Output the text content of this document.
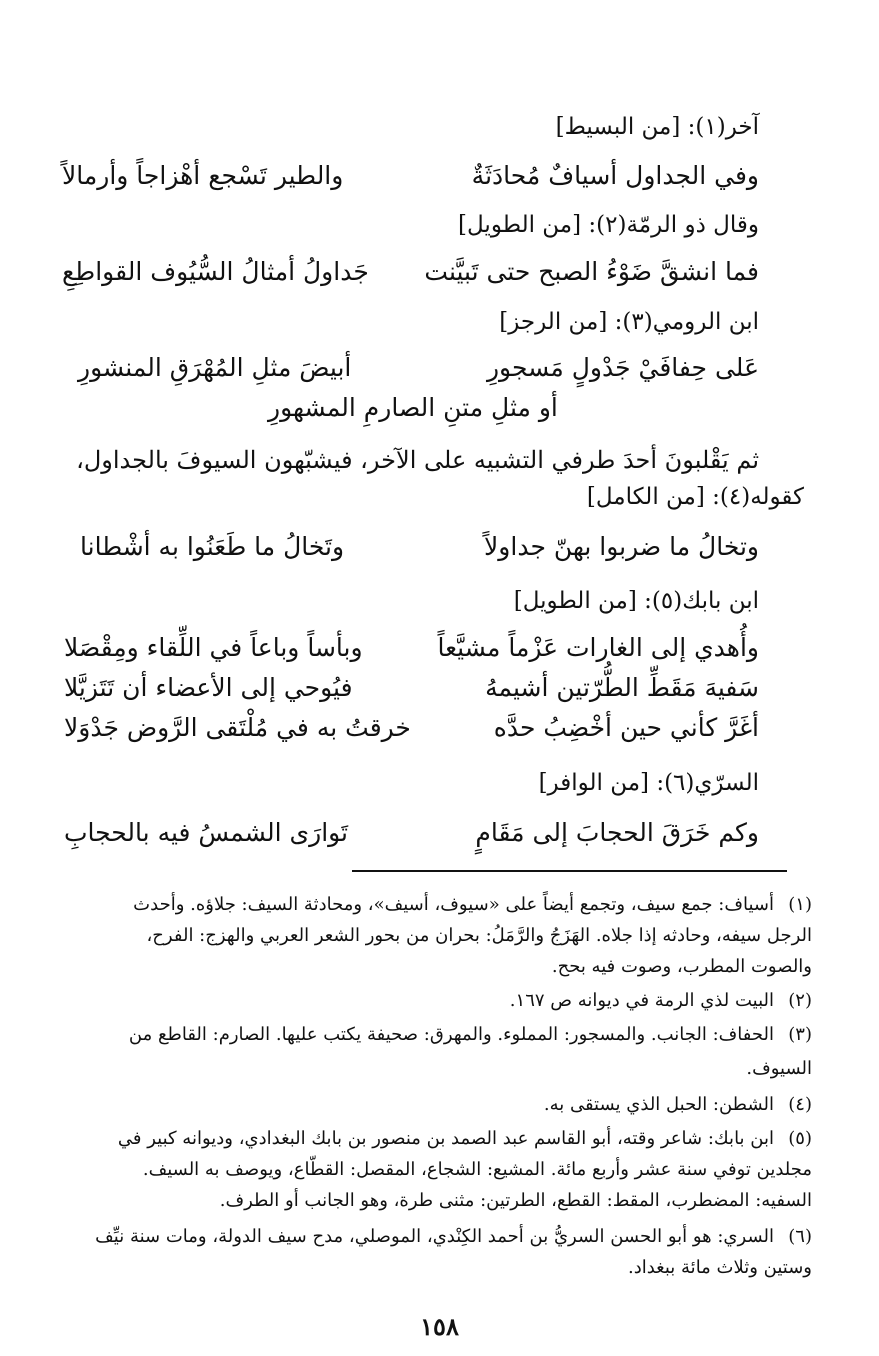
آخر(١): [من البسيط]
وفي الجداول أسيافٌ مُحادَثَةٌ
والطير تَسْجع أهْزاجاً وأرمالاً
وقال ذو الرمّة(٢): [من الطويل]
فما انشقَّ ضَوْءُ الصبح حتى تَبيَّنت
جَداولُ أمثالُ السُّيُوف القواطِعِ
ابن الرومي(٣): [من الرجز]
عَلى حِفافَيْ جَدْولٍ مَسجورِ
أبيضَ مثلِ المُهْرَقِ المنشورِ
أو مثلِ متنِ الصارمِ المشهورِ
ثم يَقْلبونَ أحدَ طرفي التشبيه على الآخر، فيشبّهون السيوفَ بالجداول،
كقوله(٤): [من الكامل]
وتخالُ ما ضربوا بهنّ جداولاً
وتَخالُ ما طَعَنُوا به أشْطانا
ابن بابك(٥): [من الطويل]
وأُهدي إلى الغارات عَزْماً مشيَّعاً
وبأساً وباعاً في اللِّقاء ومِقْصَلا
سَفيهَ مَقَطِّ الطُّرّتين أشيمهُ
فيُوحي إلى الأعضاء أن تَتَزيَّلا
أغَرَّ كأني حين أخْضِبُ حدَّه
خرقتُ به في مُلْتَقى الرَّوض جَدْوَلا
السرّي(٦): [من الوافر]
وكم خَرَقَ الحجابَ إلى مَقَامٍ
تَوارَى الشمسُ فيه بالحجابِ
(١)أسياف: جمع سيف، وتجمع أيضاً على «سيوف، أسيف»، ومحادثة السيف: جلاؤه. وأحدث
الرجل سيفه، وحادثه إذا جلاه. الهَزَجُ والرَّمَلُ: بحران من بحور الشعر العربي والهزج: الفرح،
والصوت المطرب، وصوت فيه بحح.
(٢)البيت لذي الرمة في ديوانه ص ١٦٧.
(٣)الحفاف: الجانب. والمسجور: المملوء. والمهرق: صحيفة يكتب عليها. الصارم: القاطع من
السيوف.
(٤)الشطن: الحبل الذي يستقى به.
(٥)ابن بابك: شاعر وقته، أبو القاسم عبد الصمد بن منصور بن بابك البغدادي، وديوانه كبير في
مجلدين توفي سنة عشر وأربع مائة. المشيع: الشجاع، المقصل: القطّاع، ويوصف به السيف.
السفيه: المضطرب، المقط: القطع، الطرتين: مثنى طرة، وهو الجانب أو الطرف.
(٦)السري: هو أبو الحسن السريُّ بن أحمد الكِنْدي، الموصلي، مدح سيف الدولة، ومات سنة نيِّف
وستين وثلاث مائة ببغداد.
١٥٨
